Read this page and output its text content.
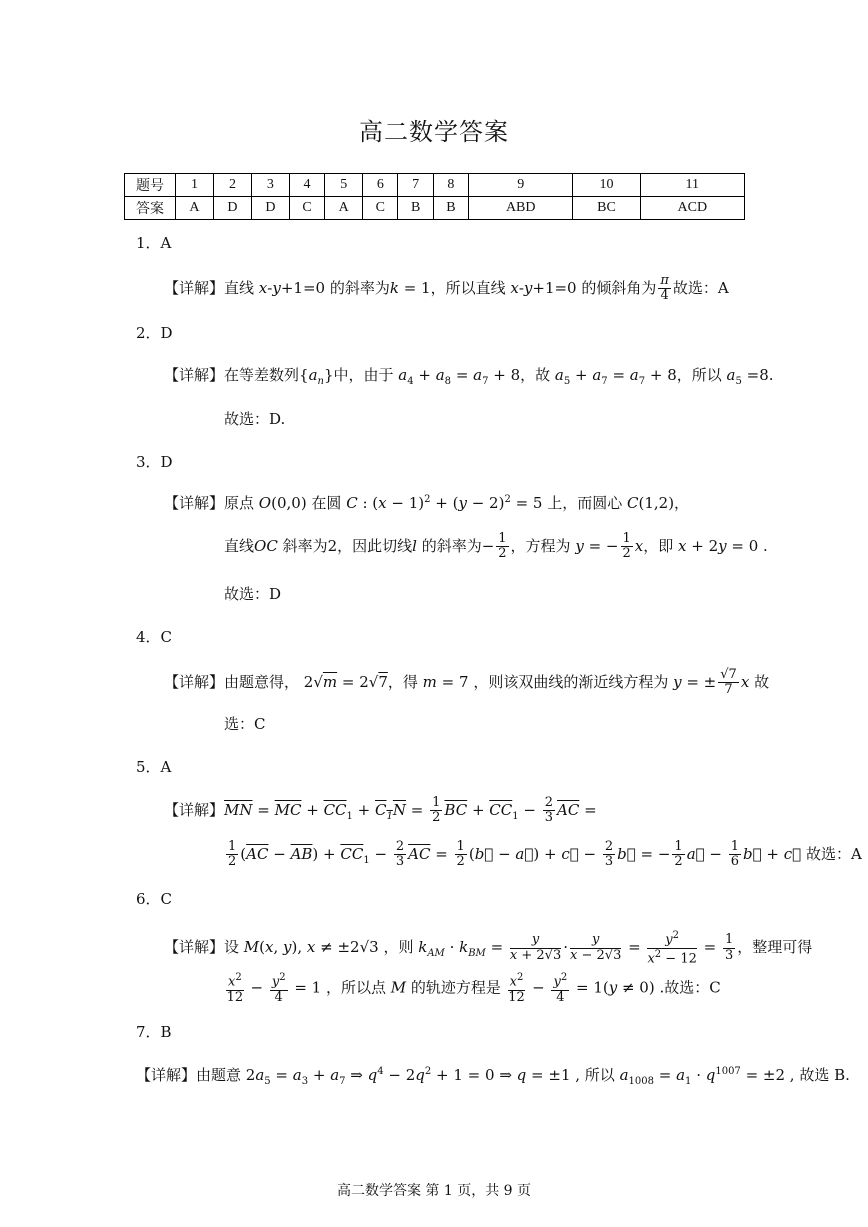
高二数学答案
题号	1	2	3	4	5	6	7	8	9	10	11
答案	A	D	D	C	A	C	B	B	ABD	BC	ACD
1．A
【详解】直线 x-y+1=0 的斜率为k = 1，所以直线 x-y+1=0 的倾斜角为 $\frac{\pi}{4}$ 故选：A
2．D
【详解】在等差数列$\{a_n\}$中，由于 $a_4 + a_8 = a_7 + 8$，故 $a_5 + a_7 = a_7 + 8$，所以 $a_5 =8$.
故选：D.
3．D
【详解】原点 O(0,0) 在圆 C : $(x - 1)^2 + (y - 2)^2 = 5$ 上，而圆心 C(1,2)，
直线OC 斜率为2，因此切线l 的斜率为− $\frac{1}{2}$ ，方程为 y = − $\frac{1}{2}$ x，即 x + 2y = 0 .
故选：D
4．C
【详解】由题意得， 2√m = 2√7，得 m = 7 ，则该双曲线的渐近线方程为 y = ± $\frac{√7}{7}$ x 故
选：C
5．A
【详解】$\overline{MN} = \overline{MC} + \overline{CC}_1 + C_1N = \frac{1}{2} \overline{BC} + \overline{CC}_1 - \frac{2}{3} \overline{AC}$ =
$\frac{1}{2} (\overline{AC} - \overline{AB}) + \overline{CC}_1 - \frac{2}{3} \overline{AC} = \frac{1}{2}$ (b⃗ − a⃗) + c⃗ − $\frac{2}{3}$ b⃗ = − $\frac{1}{2}$ a⃗ − $\frac{1}{6}$ b⃗ + c⃗ 故选：A
6．C
【详解】设 M(x, y), x ≠ ±2√3 ，则 $k_{AM} \cdot k_{BM} = \frac{y}{x + 2√3} \cdot \frac{y}{x - 2√3} = \frac{y^2}{x^2 - 12} = \frac{1}{3}$ ，整理可得
$\frac{x^2}{12} - \frac{y^2}{4} = 1$ ，所以点 M 的轨迹方程是 $\frac{x^2}{12} - \frac{y^2}{4} = 1(y \ne 0)$ .故选：C
7．B
【详解】由题意 $2a_5 = a_3 + a_7$ ⇒ $q^4 - 2q^2 + 1 = 0$ ⇒ q = ±1 , 所以 $a_{1008} = a_1 \cdot q^{1007} = \pm 2$ , 故选 B.
高二数学答案 第 1 页，共 9 页
